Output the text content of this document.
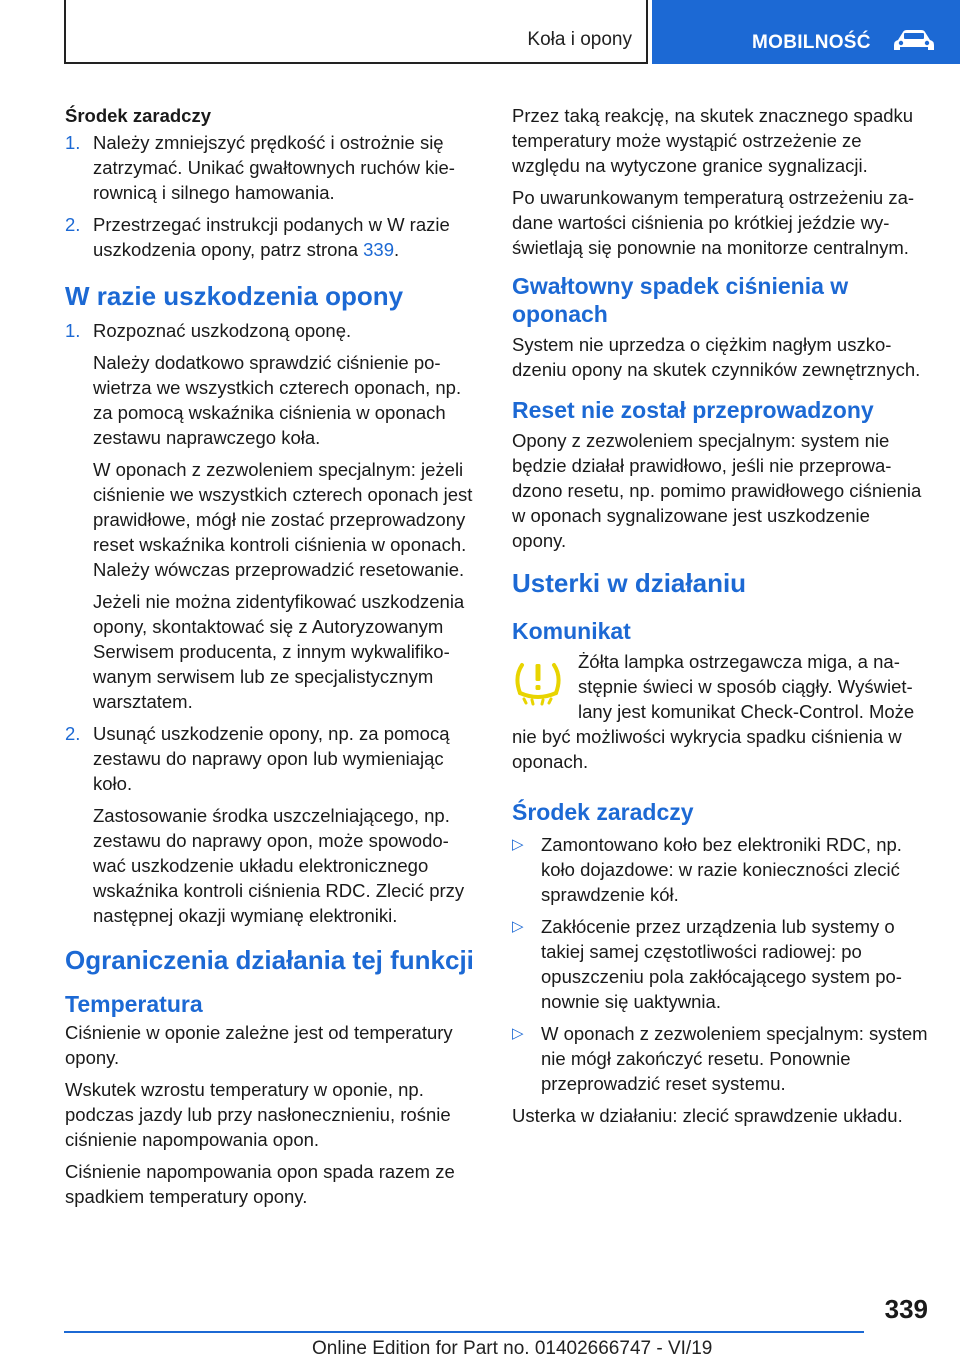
Koła i opony	MOBILNOŚĆ
Środek zaradczy
1. Należy zmniejszyć prędkość i ostrożnie się zatrzymać. Unikać gwałtownych ruchów kierownicą i silnego hamowania.

2. Przestrzegać instrukcji podanych w W razie uszkodzenia opony, patrz strona 339.

W razie uszkodzenia opony
1. Rozpoznać uszkodzoną oponę.

Należy dodatkowo sprawdzić ciśnienie powietrza we wszystkich czterech oponach, np. za pomocą wskaźnika ciśnienia w oponach zestawu naprawczego koła.

W oponach z zezwoleniem specjalnym: jeżeli ciśnienie we wszystkich czterech oponach jest prawidłowe, mógł nie zostać przeprowadzony reset wskaźnika kontroli ciśnienia w oponach. Należy wówczas przeprowadzić resetowanie.

Jeżeli nie można zidentyfikować uszkodzenia opony, skontaktować się z Autoryzowanym Serwisem producenta, z innym wykwalifikowanym serwisem lub ze specjalistycznym warsztatem.

2. Usunąć uszkodzenie opony, np. za pomocą zestawu do naprawy opon lub wymieniając koło.

Zastosowanie środka uszczelniającego, np. zestawu do naprawy opon, może spowodować uszkodzenie układu elektronicznego wskaźnika kontroli ciśnienia RDC. Zlecić przy następnej okazji wymianę elektroniki.

Ograniczenia działania tej funkcji
Temperatura

Ciśnienie w oponie zależne jest od temperatury opony.

Wskutek wzrostu temperatury w oponie, np. podczas jazdy lub przy nasłonecznieniu, rośnie ciśnienie napompowania opon.

Ciśnienie napompowania opon spada razem ze spadkiem temperatury opony.

Przez taką reakcję, na skutek znacznego spadku temperatury może wystąpić ostrzeżenie ze względu na wytyczone granice sygnalizacji.

Po uwarunkowanym temperaturą ostrzeżeniu zadane wartości ciśnienia po krótkiej jeździe wyświetlają się ponownie na monitorze centralnym.

Gwałtowny spadek ciśnienia w oponach

System nie uprzedza o ciężkim nagłym uszkodzeniu opony na skutek czynników zewnętrznych.

Reset nie został przeprowadzony

Opony z zezwoleniem specjalnym: system nie będzie działał prawidłowo, jeśli nie przeprowadzono resetu, np. pomimo prawidłowego ciśnienia w oponach sygnalizowane jest uszkodzenie opony.

Usterki w działaniu
Komunikat

Żółta lampka ostrzegawcza miga, a następnie świeci w sposób ciągły. Wyświetlany jest komunikat Check-Control. Może nie być możliwości wykrycia spadku ciśnienia w oponach.

Środek zaradczy
▷ Zamontowano koło bez elektroniki RDC, np. koło dojazdowe: w razie konieczności zlecić sprawdzenie kół.

▷ Zakłócenie przez urządzenia lub systemy o takiej samej częstotliwości radiowej: po opuszczeniu pola zakłócającego system ponownie się uaktywnia.

▷ W oponach z zezwoleniem specjalnym: system nie mógł zakończyć resetu. Ponownie przeprowadzić reset systemu.

Usterka w działaniu: zlecić sprawdzenie układu.

339
Online Edition for Part no. 01402666747 - VI/19
